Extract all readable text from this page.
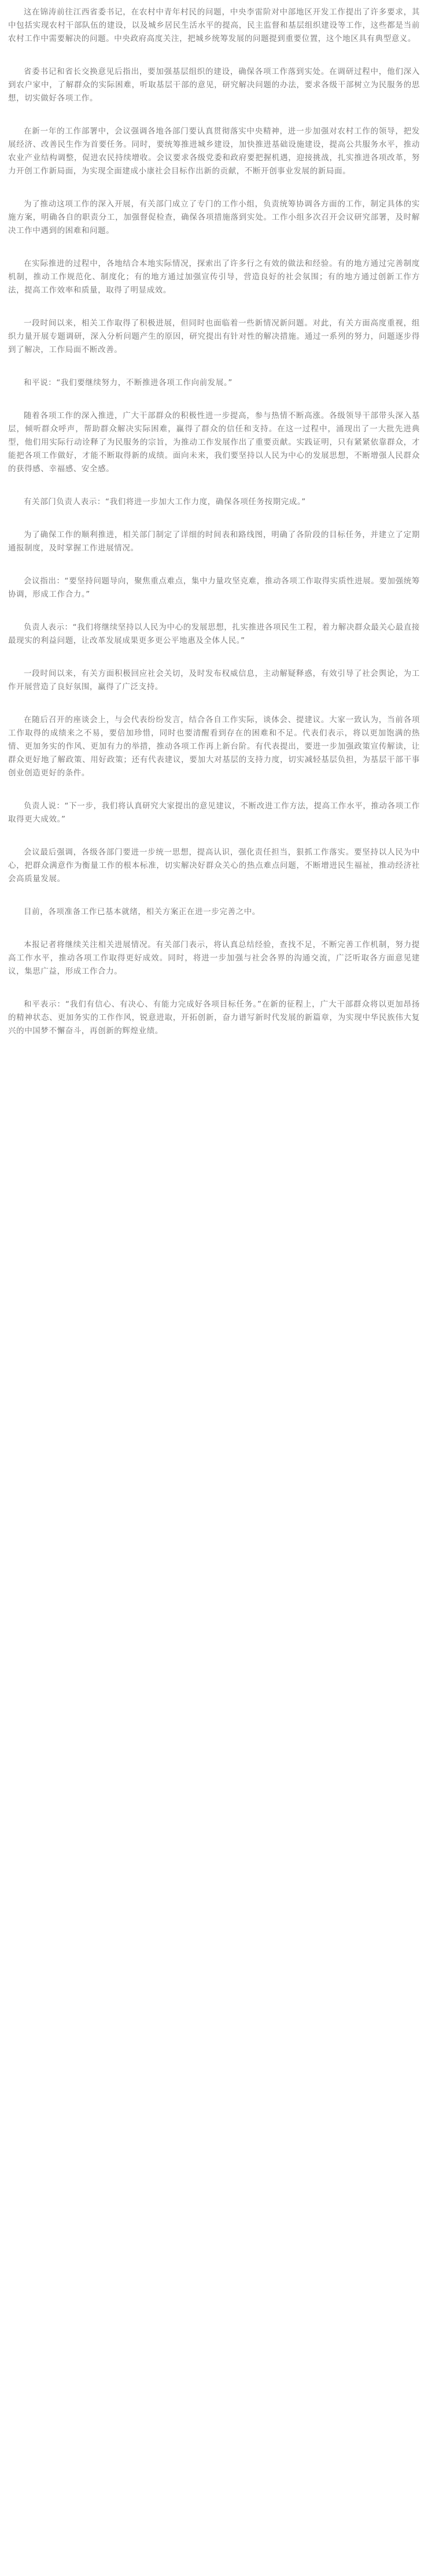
这在锦涛前往江西省委书记，在农村中青年村民的问题，中央李雷阶对中部地区开发工作提出了许多要求，其中包括实现农村干部队伍的建设，以及城乡居民生活水平的提高，民主监督和基层组织建设等工作，这些都是当前农村工作中需要解决的问题。中央政府高度关注，把城乡统筹发展的问题提到重要位置，这个地区具有典型意义。

省委书记和省长交换意见后指出，要加强基层组织的建设，确保各项工作落到实处。在调研过程中，他们深入到农户家中，了解群众的实际困难，听取基层干部的意见，研究解决问题的办法，要求各级干部树立为民服务的思想，切实做好各项工作。

在新一年的工作部署中，会议强调各地各部门要认真贯彻落实中央精神，进一步加强对农村工作的领导，把发展经济、改善民生作为首要任务。同时，要统筹推进城乡建设，加快推进基础设施建设，提高公共服务水平，推动农业产业结构调整，促进农民持续增收。会议要求各级党委和政府要把握机遇，迎接挑战，扎实推进各项改革，努力开创工作新局面，为实现全面建成小康社会目标作出新的贡献，不断开创事业发展的新局面。

为了推动这项工作的深入开展，有关部门成立了专门的工作小组，负责统筹协调各方面的工作，制定具体的实施方案，明确各自的职责分工，加强督促检查，确保各项措施落到实处。工作小组多次召开会议研究部署，及时解决工作中遇到的困难和问题。

在实际推进的过程中，各地结合本地实际情况，探索出了许多行之有效的做法和经验。有的地方通过完善制度机制，推动工作规范化、制度化；有的地方通过加强宣传引导，营造良好的社会氛围；有的地方通过创新工作方法，提高工作效率和质量，取得了明显成效。

一段时间以来，相关工作取得了积极进展，但同时也面临着一些新情况新问题。对此，有关方面高度重视，组织力量开展专题调研，深入分析问题产生的原因，研究提出有针对性的解决措施。通过一系列的努力，问题逐步得到了解决，工作局面不断改善。

和平说：“我们要继续努力，不断推进各项工作向前发展。”

随着各项工作的深入推进，广大干部群众的积极性进一步提高，参与热情不断高涨。各级领导干部带头深入基层，倾听群众呼声，帮助群众解决实际困难，赢得了群众的信任和支持。在这一过程中，涌现出了一大批先进典型，他们用实际行动诠释了为民服务的宗旨，为推动工作发展作出了重要贡献。实践证明，只有紧紧依靠群众，才能把各项工作做好，才能不断取得新的成绩。面向未来，我们要坚持以人民为中心的发展思想，不断增强人民群众的获得感、幸福感、安全感。

有关部门负责人表示：“我们将进一步加大工作力度，确保各项任务按期完成。”

为了确保工作的顺利推进，相关部门制定了详细的时间表和路线图，明确了各阶段的目标任务，并建立了定期通报制度，及时掌握工作进展情况。

会议指出：“要坚持问题导向，聚焦重点难点，集中力量攻坚克难，推动各项工作取得实质性进展。要加强统筹协调，形成工作合力。”

负责人表示：“我们将继续坚持以人民为中心的发展思想，扎实推进各项民生工程，着力解决群众最关心最直接最现实的利益问题，让改革发展成果更多更公平地惠及全体人民。”

一段时间以来，有关方面积极回应社会关切，及时发布权威信息，主动解疑释惑，有效引导了社会舆论，为工作开展营造了良好氛围，赢得了广泛支持。

在随后召开的座谈会上，与会代表纷纷发言，结合各自工作实际，谈体会、提建议。大家一致认为，当前各项工作取得的成绩来之不易，要倍加珍惜，同时也要清醒看到存在的困难和不足。代表们表示，将以更加饱满的热情、更加务实的作风、更加有力的举措，推动各项工作再上新台阶。有代表提出，要进一步加强政策宣传解读，让群众更好地了解政策、用好政策；还有代表建议，要加大对基层的支持力度，切实减轻基层负担，为基层干部干事创业创造更好的条件。

负责人说：“下一步，我们将认真研究大家提出的意见建议，不断改进工作方法，提高工作水平，推动各项工作取得更大成效。”

会议最后强调，各级各部门要进一步统一思想，提高认识，强化责任担当，狠抓工作落实。要坚持以人民为中心，把群众满意作为衡量工作的根本标准，切实解决好群众关心的热点难点问题，不断增进民生福祉，推动经济社会高质量发展。

目前，各项准备工作已基本就绪，相关方案正在进一步完善之中。

本报记者将继续关注相关进展情况。有关部门表示，将认真总结经验，查找不足，不断完善工作机制，努力提高工作水平，推动各项工作取得更好成效。同时，将进一步加强与社会各界的沟通交流，广泛听取各方面意见建议，集思广益，形成工作合力。

和平表示：“我们有信心、有决心、有能力完成好各项目标任务。”在新的征程上，广大干部群众将以更加昂扬的精神状态、更加务实的工作作风，锐意进取，开拓创新，奋力谱写新时代发展的新篇章，为实现中华民族伟大复兴的中国梦不懈奋斗，再创新的辉煌业绩。
